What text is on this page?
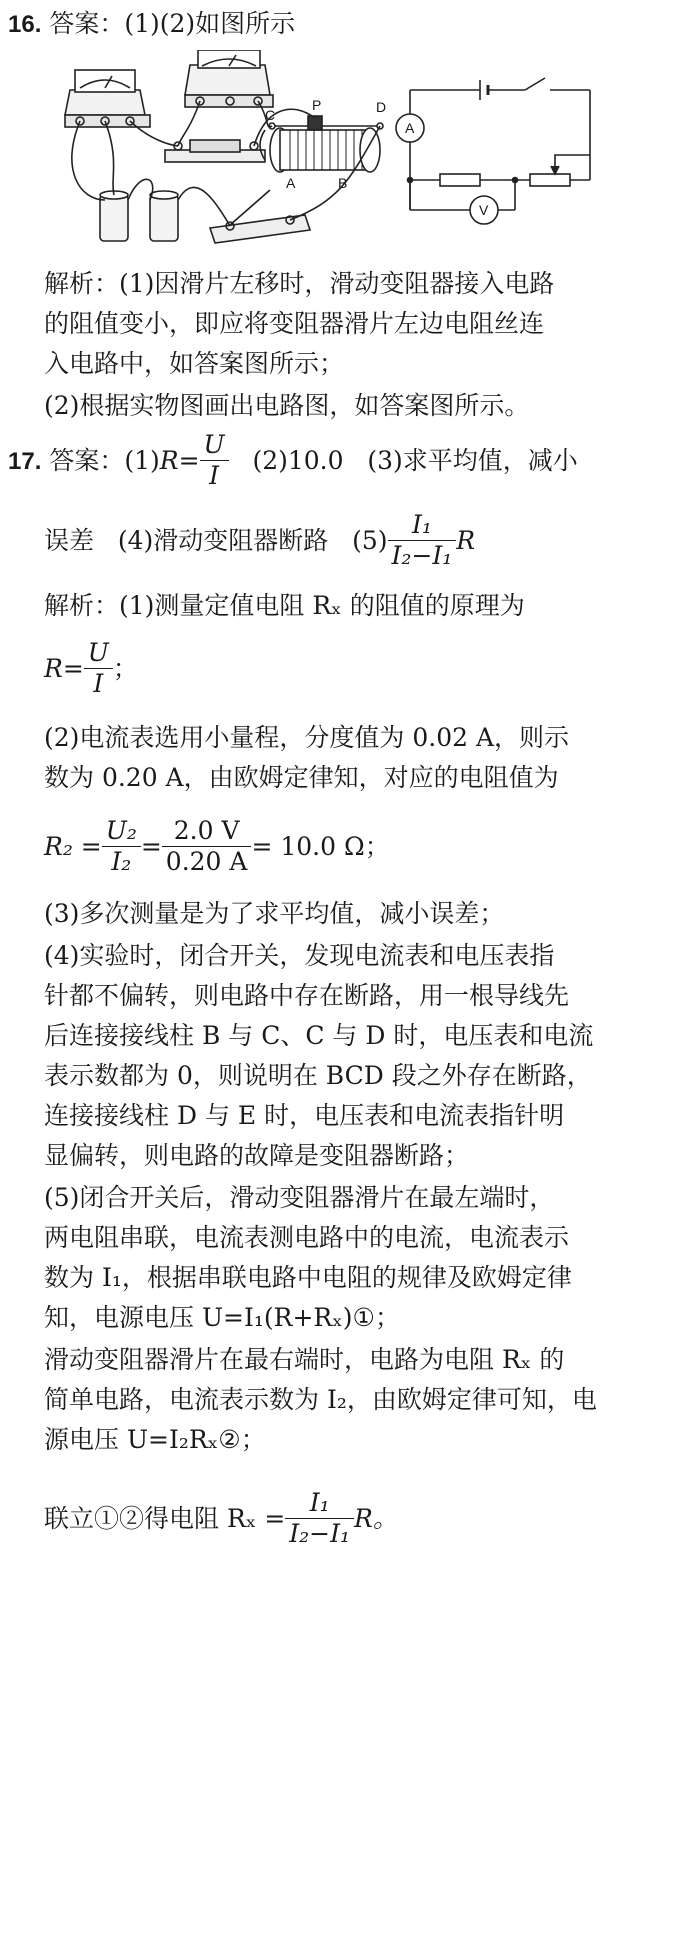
16. 答案：(1)(2)如图所示
C
P	D
A	B
A
V
解析：(1)因滑片左移时，滑动变阻器接入电路
的阻值变小，即应将变阻器滑片左边电阻丝连
入电路中，如答案图所示；
(2)根据实物图画出电路图，如答案图所示。
17. 答案：$(1)R= \frac{U}{I} (2)10.0$ (3)求平均值，减小
误差 (4)滑动变阻器断路 $(5) \frac{\text{I₁}}{\text{I₂−I₁}}$ R
解析：(1)测量定值电阻 Rₓ 的阻值的原理为
$R= \frac{U}{I}$ ；
(2)电流表选用小量程，分度值为 0.02 A，则示
数为 0.20 A，由欧姆定律知，对应的电阻值为
$R_2 = \frac{\text{U₂}}{\text{I₂}} = \frac{2.0 V}{0.20 A} = 10.0$ Ω；
(3)多次测量是为了求平均值，减小误差；
(4)实验时，闭合开关，发现电流表和电压表指
针都不偏转，则电路中存在断路，用一根导线先
后连接接线柱 B 与 C、C 与 D 时，电压表和电流
表示数都为 0，则说明在 BCD 段之外存在断路，
连接接线柱 D 与 E 时，电压表和电流表指针明
显偏转，则电路的故障是变阻器断路；
(5)闭合开关后，滑动变阻器滑片在最左端时，
两电阻串联，电流表测电路中的电流，电流表示
数为 I₁，根据串联电路中电阻的规律及欧姆定律
知，电源电压 U=I₁(R+Rₓ)①；
滑动变阻器滑片在最右端时，电路为电阻 Rₓ 的
简单电路，电流表示数为 I₂，由欧姆定律可知，电
源电压 U=I₂Rₓ②；
联立①②得电阻 $R_x = \frac{\text{I₁}}{\text{I₂−I₁}}$ R。
